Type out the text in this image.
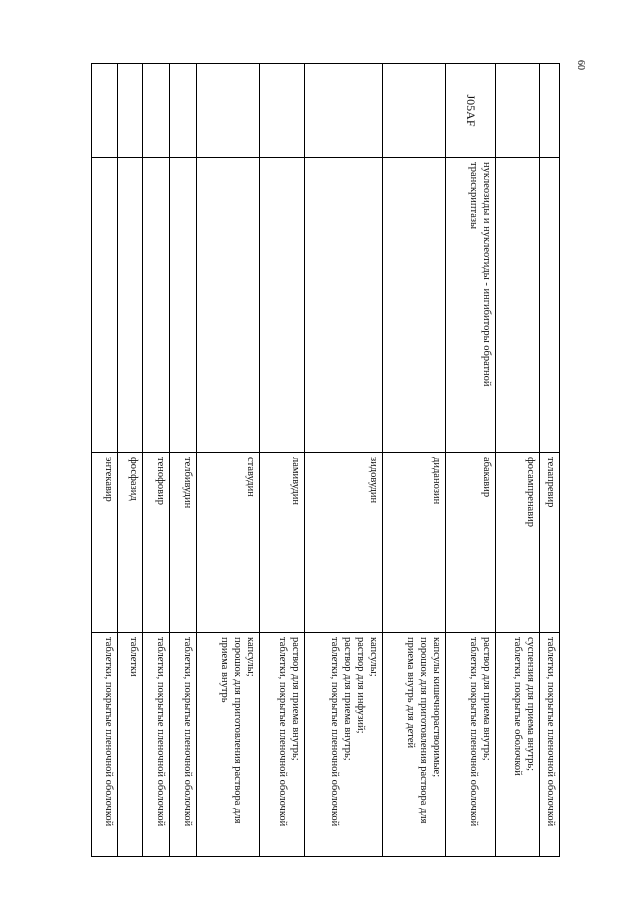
60
		телапревир	таблетки, покрытые пленочной оболочкой
		фосампренавир	суспензия для приема внутрь;
таблетки, покрытые оболочкой
J05AF	нуклеозиды и нуклеотиды - ингибиторы обратной транскриптазы	абакавир	раствор для приема внутрь;
таблетки, покрытые пленочной оболочкой
		диданозин	капсулы кишечнорастворимые;
порошок для приготовления раствора для приема внутрь для детей
		зидовудин	капсулы;
раствор для инфузий;
раствор для приема внутрь;
таблетки, покрытые пленочной оболочкой
		ламивудин	раствор для приема внутрь;
таблетки, покрытые пленочной оболочкой
		ставудин	капсулы;
порошок для приготовления раствора для приема внутрь
		телбивудин	таблетки, покрытые пленочной оболочкой
		тенофовир	таблетки, покрытые пленочной оболочкой
		фосфазид	таблетки
		энтекавир	таблетки, покрытые пленочной оболочкой
